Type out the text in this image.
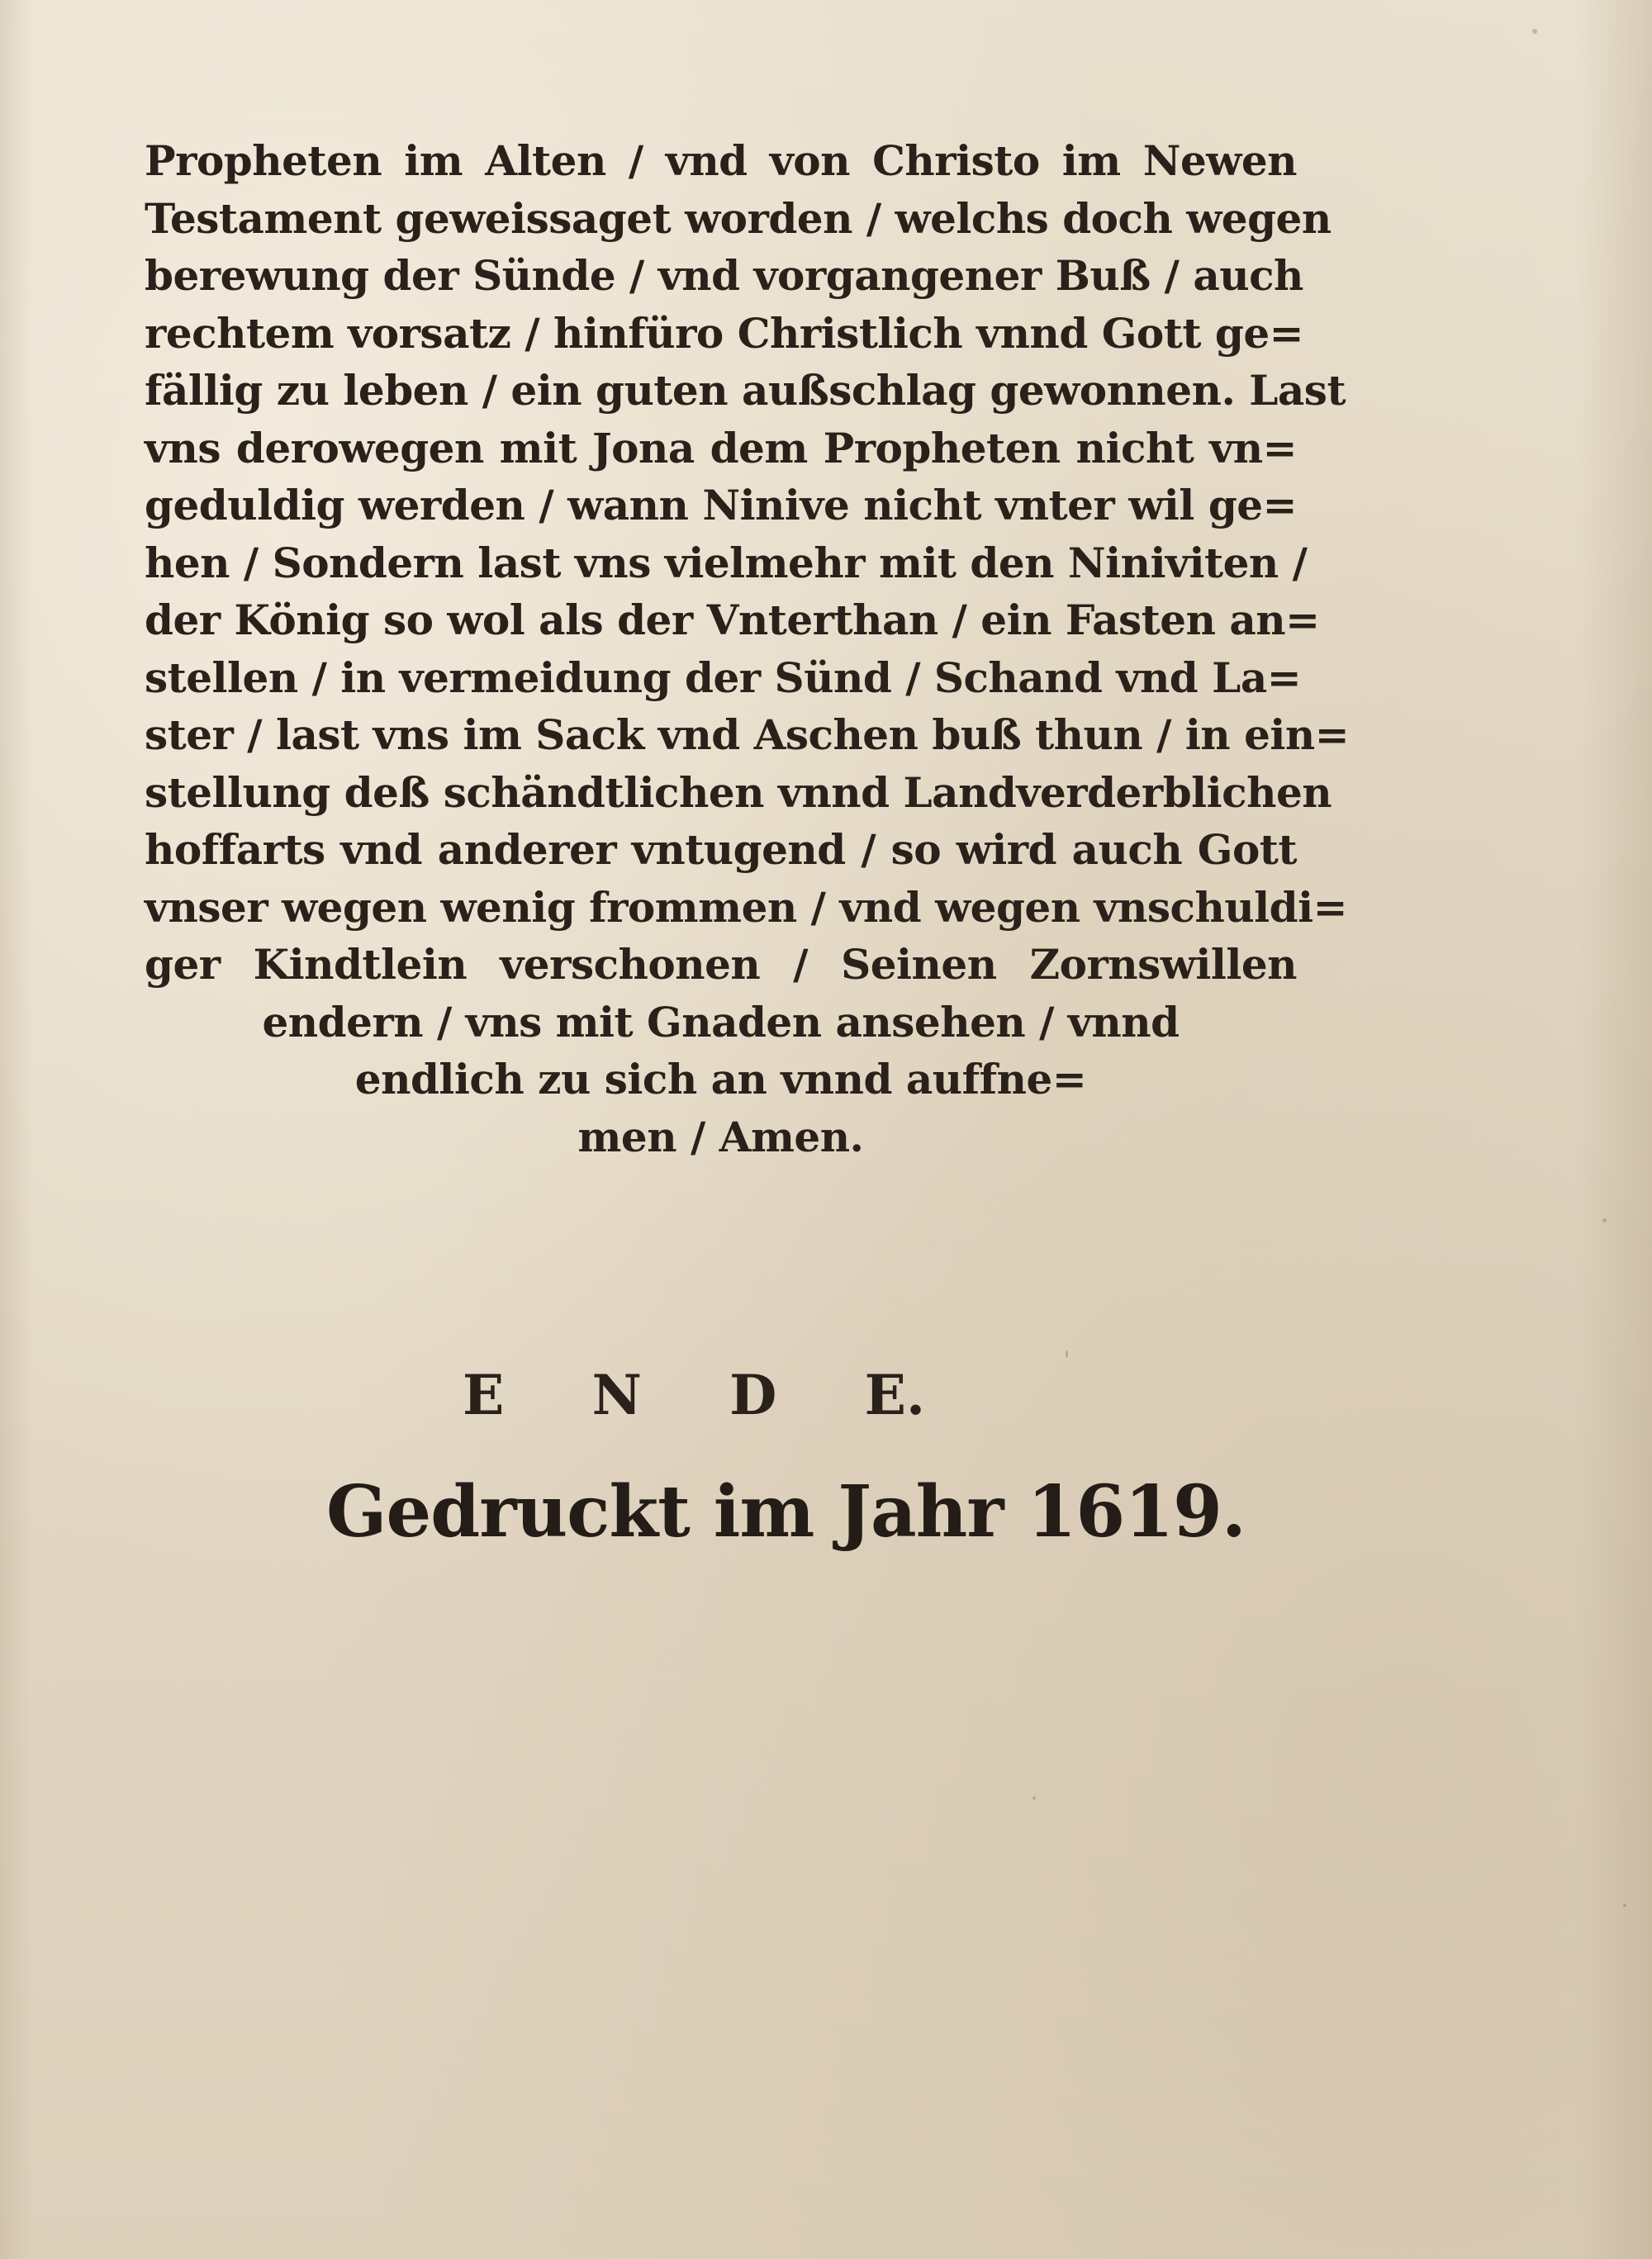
Propheten im Alten / vnd von Christo im Newen
Testament geweissaget worden / welchs doch wegen
berewung der Sünde / vnd vorgangener Buß / auch
rechtem vorsatz / hinfüro Christlich vnnd Gott ge=
fällig zu leben / ein guten außschlag gewonnen. Last
vns derowegen mit Jona dem Propheten nicht vn=
geduldig werden / wann Ninive nicht vnter wil ge=
hen / Sondern last vns vielmehr mit den Niniviten /
der König so wol als der Vnterthan / ein Fasten an=
stellen / in vermeidung der Sünd / Schand vnd La=
ster / last vns im Sack vnd Aschen buß thun / in ein=
stellung deß schändtlichen vnnd Landverderblichen
hoffarts vnd anderer vntugend / so wird auch Gott
vnser wegen wenig frommen / vnd wegen vnschuldi=
ger Kindtlein verschonen / Seinen Zornswillen
endern / vns mit Gnaden ansehen / vnnd
endlich zu sich an vnnd auffne=
men / Amen.
E N D E.
Gedruckt im Jahr 1619.
